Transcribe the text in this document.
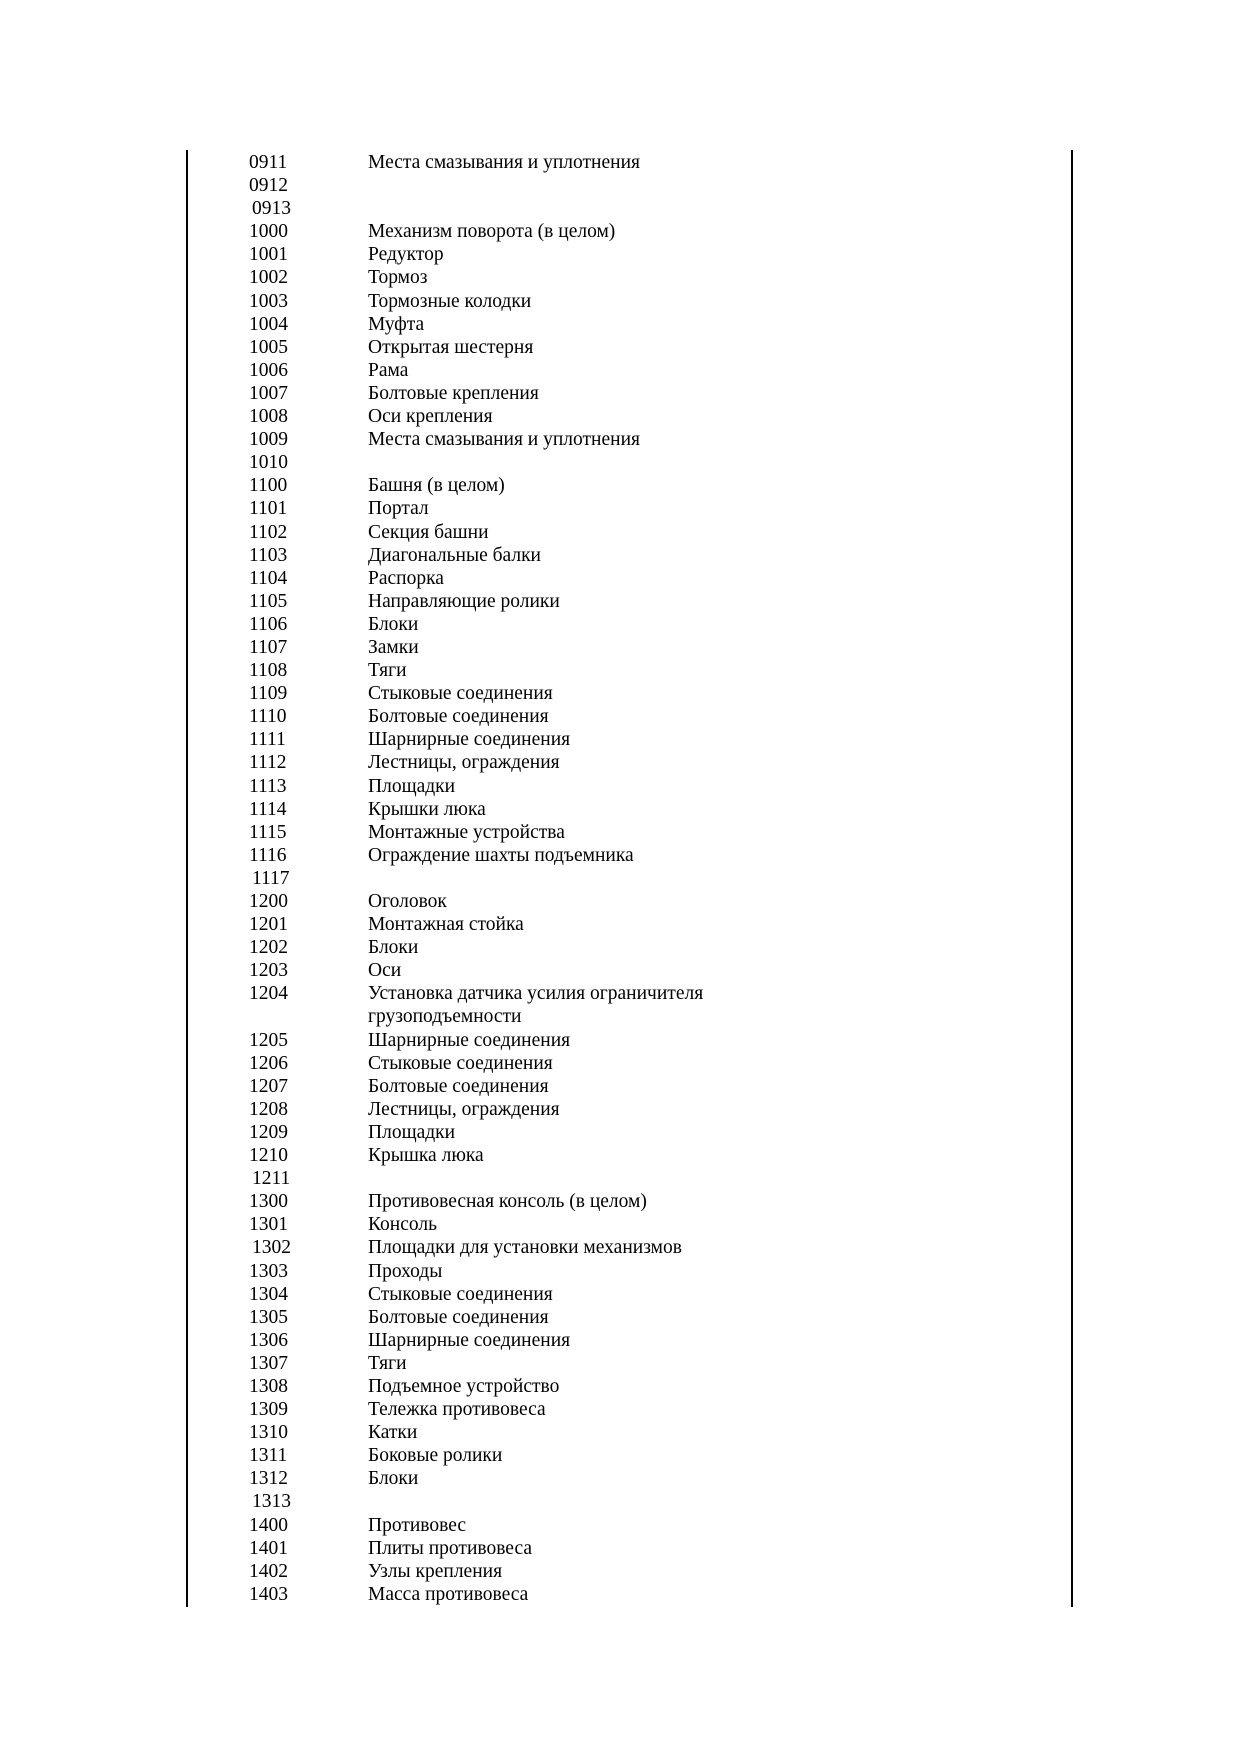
0911	Места смазывания и уплотнения
0912
0913
1000	Механизм поворота (в целом)
1001	Редуктор
1002	Тормоз
1003	Тормозные колодки
1004	Муфта
1005	Открытая шестерня
1006	Рама
1007	Болтовые крепления
1008	Оси крепления
1009	Места смазывания и уплотнения
1010
1100	Башня (в целом)
1101	Портал
1102	Секция башни
1103	Диагональные балки
1104	Распорка
1105	Направляющие ролики
1106	Блоки
1107	Замки
1108	Тяги
1109	Стыковые соединения
1110	Болтовые соединения
1111	Шарнирные соединения
1112	Лестницы, ограждения
1113	Площадки
1114	Крышки люка
1115	Монтажные устройства
1116	Ограждение шахты подъемника
1117
1200	Оголовок
1201	Монтажная стойка
1202	Блоки
1203	Оси
1204	Установка датчика усилия ограничителя грузоподъемности
1205	Шарнирные соединения
1206	Стыковые соединения
1207	Болтовые соединения
1208	Лестницы, ограждения
1209	Площадки
1210	Крышка люка
1211
1300	Противовесная консоль (в целом)
1301	Консоль
1302	Площадки для установки механизмов
1303	Проходы
1304	Стыковые соединения
1305	Болтовые соединения
1306	Шарнирные соединения
1307	Тяги
1308	Подъемное устройство
1309	Тележка противовеса
1310	Катки
1311	Боковые ролики
1312	Блоки
1313
1400	Противовес
1401	Плиты противовеса
1402	Узлы крепления
1403	Масса противовеса
